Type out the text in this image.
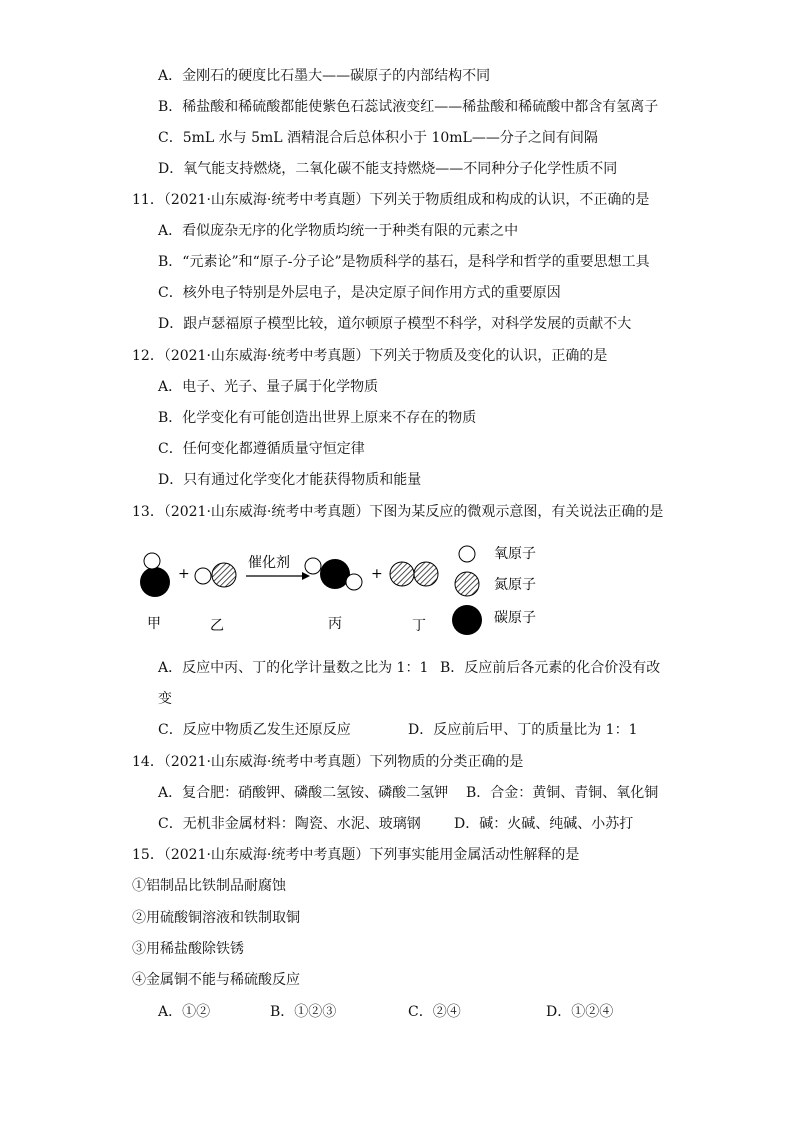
A．金刚石的硬度比石墨大——碳原子的内部结构不同
B．稀盐酸和稀硫酸都能使紫色石蕊试液变红——稀盐酸和稀硫酸中都含有氢离子
C．5mL 水与 5mL 酒精混合后总体积小于 10mL——分子之间有间隔
D．氧气能支持燃烧，二氧化碳不能支持燃烧——不同种分子化学性质不同
11．（2021·山东威海·统考中考真题）下列关于物质组成和构成的认识，不正确的是
A．看似庞杂无序的化学物质均统一于种类有限的元素之中
B．“元素论”和“原子-分子论”是物质科学的基石，是科学和哲学的重要思想工具
C．核外电子特别是外层电子，是决定原子间作用方式的重要原因
D．跟卢瑟福原子模型比较，道尔顿原子模型不科学，对科学发展的贡献不大
12．（2021·山东威海·统考中考真题）下列关于物质及变化的认识，正确的是
A．电子、光子、量子属于化学物质
B．化学变化有可能创造出世界上原来不存在的物质
C．任何变化都遵循质量守恒定律
D．只有通过化学变化才能获得物质和能量
13．（2021·山东威海·统考中考真题）下图为某反应的微观示意图，有关说法正确的是
+
催化剂
+
氧原子
氮原子
碳原子
甲	乙	丙	丁
A．反应中丙、丁的化学计量数之比为 1：1 B．反应前后各元素的化合价没有改
变
C．反应中物质乙发生还原反应	D．反应前后甲、丁的质量比为 1：1
14．（2021·山东威海·统考中考真题）下列物质的分类正确的是
A．复合肥：硝酸钾、磷酸二氢铵、磷酸二氢钾 B．合金：黄铜、青铜、氧化铜
C．无机非金属材料：陶瓷、水泥、玻璃钢 D．碱：火碱、纯碱、小苏打
15．（2021·山东威海·统考中考真题）下列事实能用金属活动性解释的是
①铝制品比铁制品耐腐蚀
②用硫酸铜溶液和铁制取铜
③用稀盐酸除铁锈
④金属铜不能与稀硫酸反应
A．①②	B．①②③	C．②④	D．①②④
